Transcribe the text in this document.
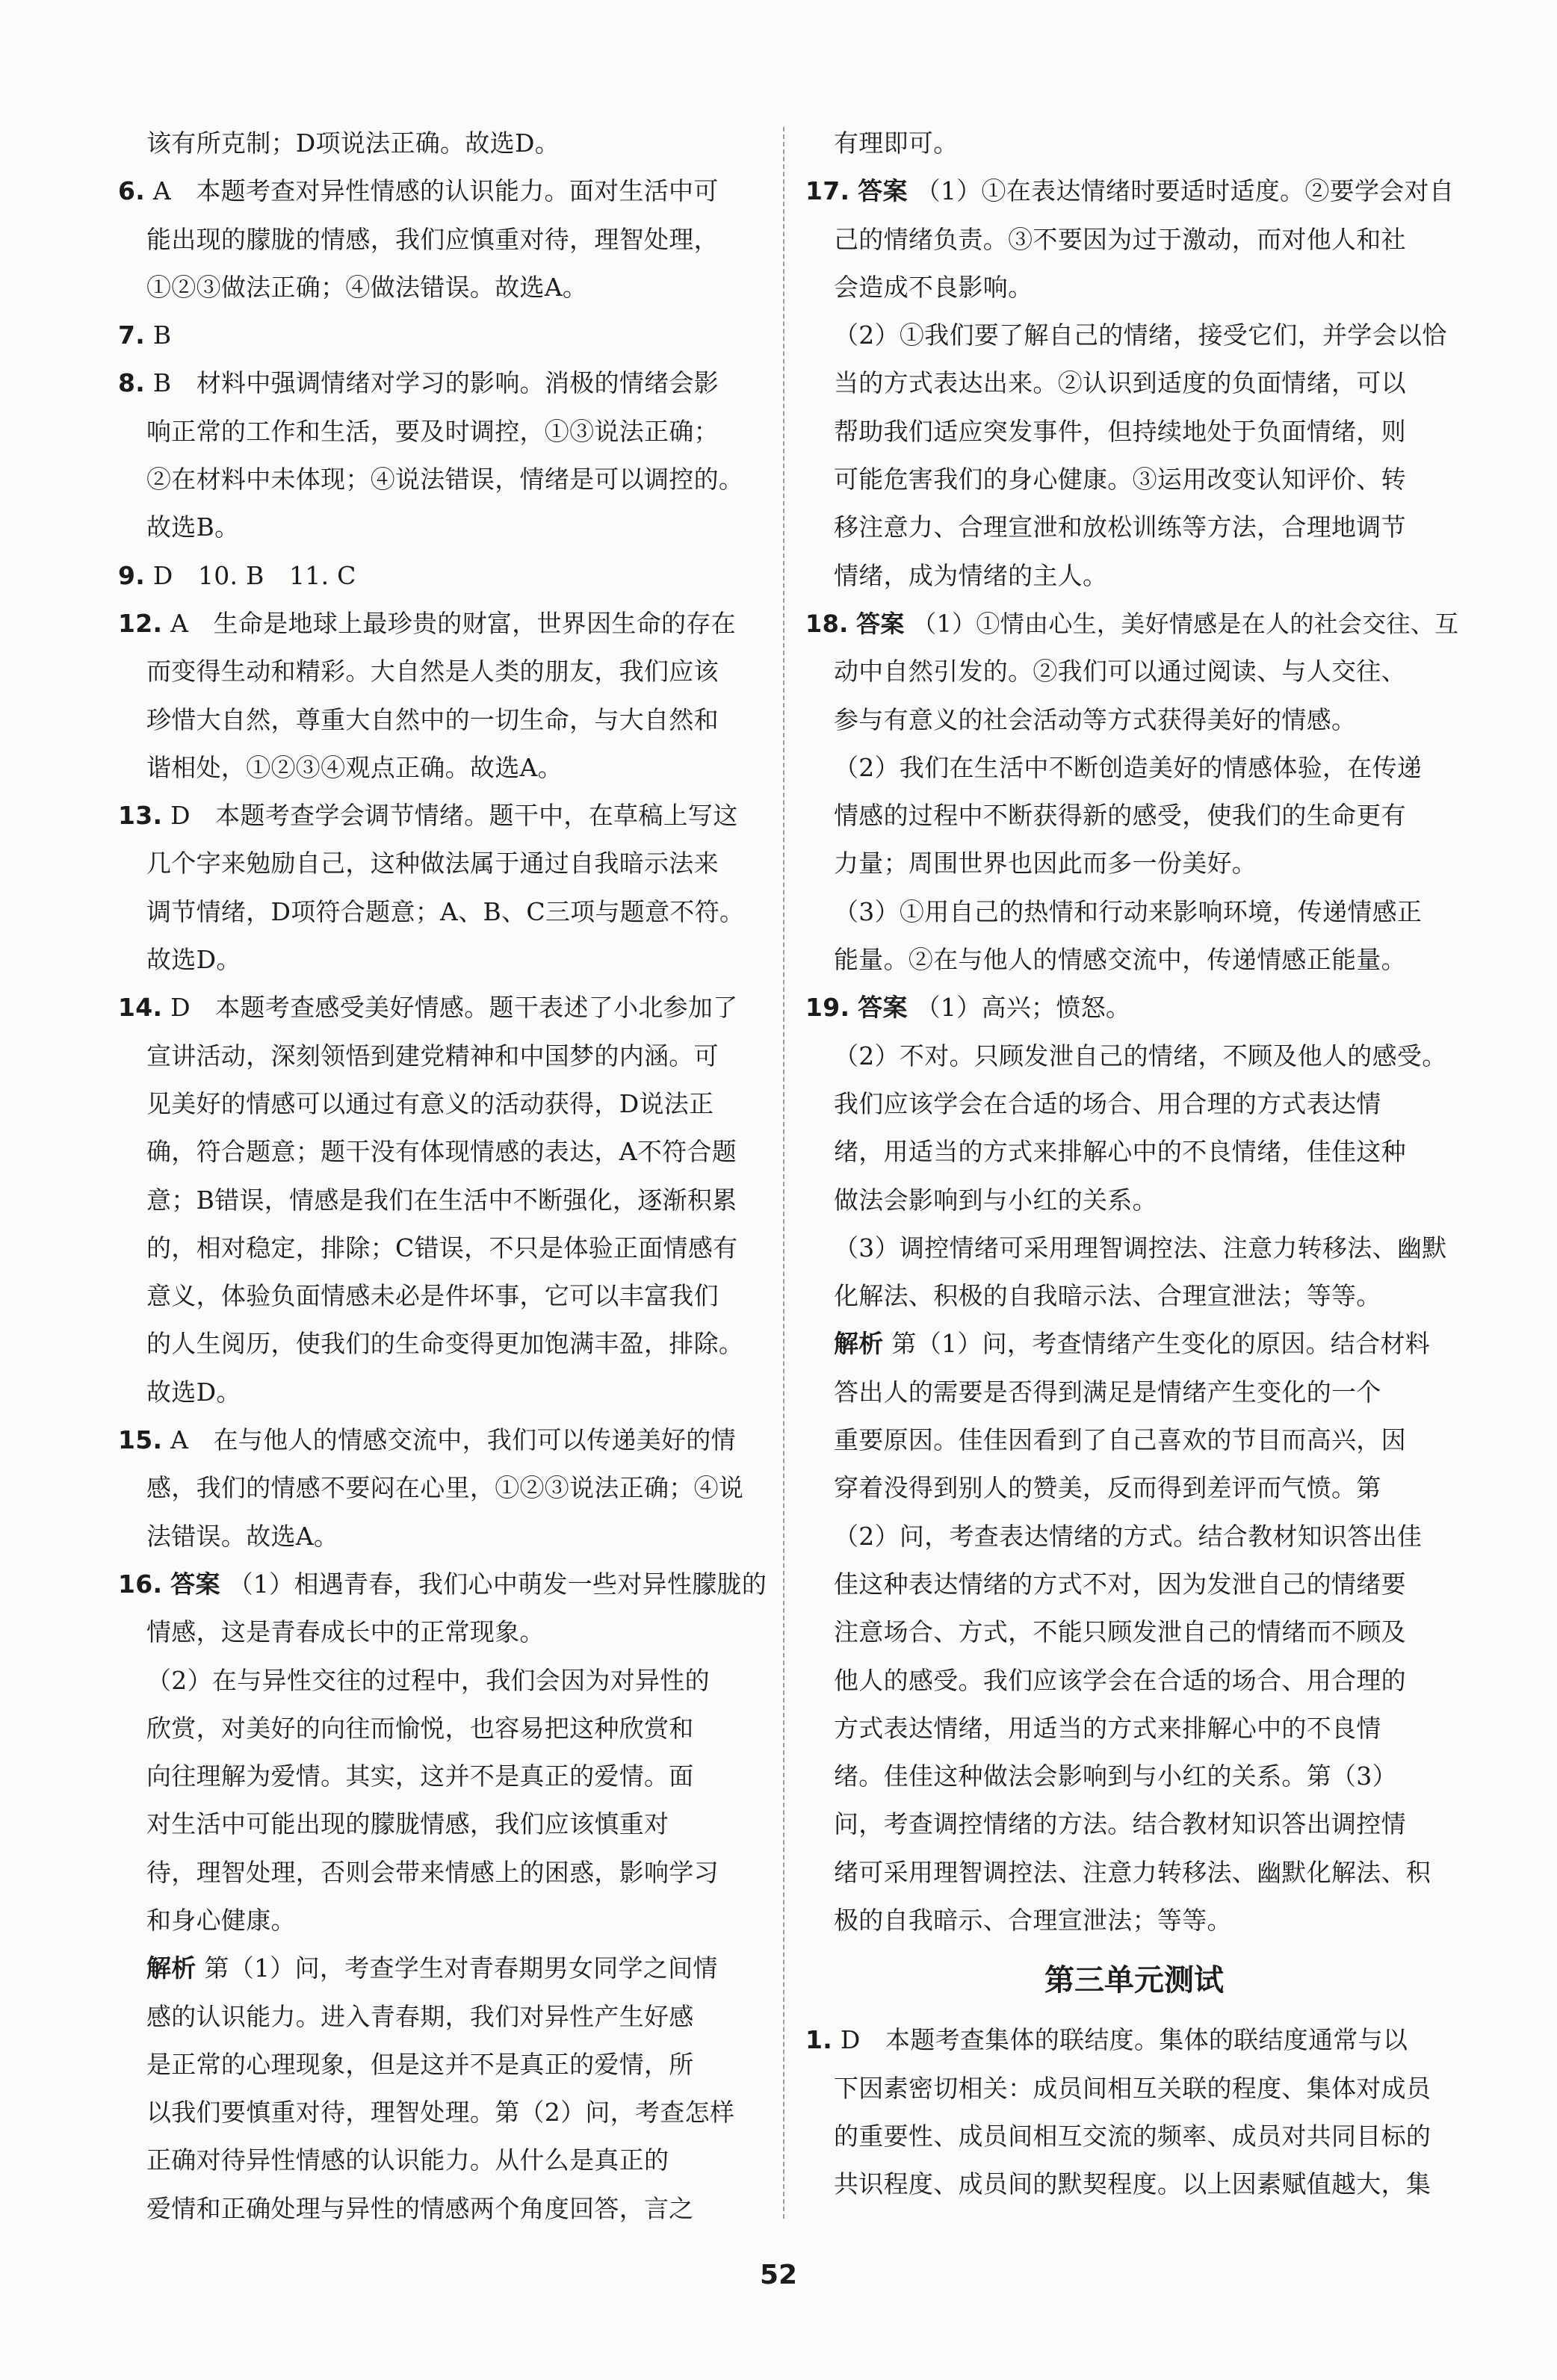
该有所克制；D项说法正确。故选D。
6. A　本题考查对异性情感的认识能力。面对生活中可
能出现的朦胧的情感，我们应慎重对待，理智处理，
①②③做法正确；④做法错误。故选A。
7. B
8. B　材料中强调情绪对学习的影响。消极的情绪会影
响正常的工作和生活，要及时调控，①③说法正确；
②在材料中未体现；④说法错误，情绪是可以调控的。
故选B。
9. D　10. B　11. C
12. A　生命是地球上最珍贵的财富，世界因生命的存在
而变得生动和精彩。大自然是人类的朋友，我们应该
珍惜大自然，尊重大自然中的一切生命，与大自然和
谐相处，①②③④观点正确。故选A。
13. D　本题考查学会调节情绪。题干中，在草稿上写这
几个字来勉励自己，这种做法属于通过自我暗示法来
调节情绪，D项符合题意；A、B、C三项与题意不符。
故选D。
14. D　本题考查感受美好情感。题干表述了小北参加了
宣讲活动，深刻领悟到建党精神和中国梦的内涵。可
见美好的情感可以通过有意义的活动获得，D说法正
确，符合题意；题干没有体现情感的表达，A不符合题
意；B错误，情感是我们在生活中不断强化，逐渐积累
的，相对稳定，排除；C错误，不只是体验正面情感有
意义，体验负面情感未必是件坏事，它可以丰富我们
的人生阅历，使我们的生命变得更加饱满丰盈，排除。
故选D。
15. A　在与他人的情感交流中，我们可以传递美好的情
感，我们的情感不要闷在心里，①②③说法正确；④说
法错误。故选A。
16. 答案 （1）相遇青春，我们心中萌发一些对异性朦胧的
情感，这是青春成长中的正常现象。
（2）在与异性交往的过程中，我们会因为对异性的
欣赏，对美好的向往而愉悦，也容易把这种欣赏和
向往理解为爱情。其实，这并不是真正的爱情。面
对生活中可能出现的朦胧情感，我们应该慎重对
待，理智处理，否则会带来情感上的困惑，影响学习
和身心健康。
解析 第（1）问，考查学生对青春期男女同学之间情
感的认识能力。进入青春期，我们对异性产生好感
是正常的心理现象，但是这并不是真正的爱情，所
以我们要慎重对待，理智处理。第（2）问，考查怎样
正确对待异性情感的认识能力。从什么是真正的
爱情和正确处理与异性的情感两个角度回答，言之
有理即可。
17. 答案 （1）①在表达情绪时要适时适度。②要学会对自
己的情绪负责。③不要因为过于激动，而对他人和社
会造成不良影响。
（2）①我们要了解自己的情绪，接受它们，并学会以恰
当的方式表达出来。②认识到适度的负面情绪，可以
帮助我们适应突发事件，但持续地处于负面情绪，则
可能危害我们的身心健康。③运用改变认知评价、转
移注意力、合理宣泄和放松训练等方法，合理地调节
情绪，成为情绪的主人。
18. 答案 （1）①情由心生，美好情感是在人的社会交往、互
动中自然引发的。②我们可以通过阅读、与人交往、
参与有意义的社会活动等方式获得美好的情感。
（2）我们在生活中不断创造美好的情感体验，在传递
情感的过程中不断获得新的感受，使我们的生命更有
力量；周围世界也因此而多一份美好。
（3）①用自己的热情和行动来影响环境，传递情感正
能量。②在与他人的情感交流中，传递情感正能量。
19. 答案 （1）高兴；愤怒。
（2）不对。只顾发泄自己的情绪，不顾及他人的感受。
我们应该学会在合适的场合、用合理的方式表达情
绪，用适当的方式来排解心中的不良情绪，佳佳这种
做法会影响到与小红的关系。
（3）调控情绪可采用理智调控法、注意力转移法、幽默
化解法、积极的自我暗示法、合理宣泄法；等等。
解析 第（1）问，考查情绪产生变化的原因。结合材料
答出人的需要是否得到满足是情绪产生变化的一个
重要原因。佳佳因看到了自己喜欢的节目而高兴，因
穿着没得到别人的赞美，反而得到差评而气愤。第
（2）问，考查表达情绪的方式。结合教材知识答出佳
佳这种表达情绪的方式不对，因为发泄自己的情绪要
注意场合、方式，不能只顾发泄自己的情绪而不顾及
他人的感受。我们应该学会在合适的场合、用合理的
方式表达情绪，用适当的方式来排解心中的不良情
绪。佳佳这种做法会影响到与小红的关系。第（3）
问，考查调控情绪的方法。结合教材知识答出调控情
绪可采用理智调控法、注意力转移法、幽默化解法、积
极的自我暗示、合理宣泄法；等等。
第三单元测试
1. D　本题考查集体的联结度。集体的联结度通常与以
下因素密切相关：成员间相互关联的程度、集体对成员
的重要性、成员间相互交流的频率、成员对共同目标的
共识程度、成员间的默契程度。以上因素赋值越大，集
52
